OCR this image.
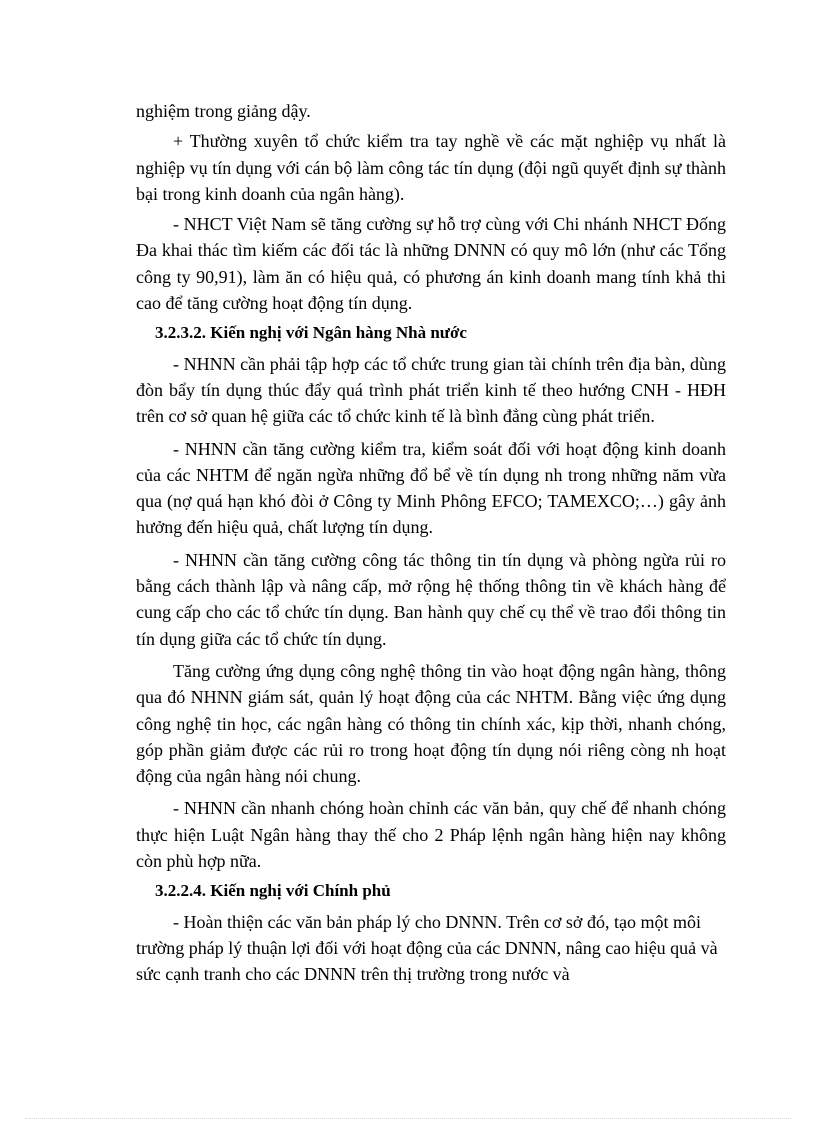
nghiệm trong giảng dậy.

+ Thường xuyên tổ chức kiểm tra tay nghề về các mặt nghiệp vụ nhất là nghiệp vụ tín dụng với cán bộ làm công tác tín dụng (đội ngũ quyết định sự thành bại trong kinh doanh của ngân hàng).

- NHCT Việt Nam sẽ tăng cường sự hỗ trợ cùng với Chi nhánh NHCT Đống Đa khai thác tìm kiếm các đối tác là những DNNN có quy mô lớn (như các Tổng công ty 90,91), làm ăn có hiệu quả, có phương án kinh doanh mang tính khả thi cao để tăng cường hoạt động tín dụng.

3.2.3.2. Kiến nghị với Ngân hàng Nhà nước

- NHNN cần phải tập hợp các tổ chức trung gian tài chính trên địa bàn, dùng đòn bẩy tín dụng thúc đẩy quá trình phát triển kinh tế theo hướng CNH - HĐH trên cơ sở quan hệ giữa các tổ chức kinh tế là bình đẳng cùng phát triển.

- NHNN cần tăng cường kiểm tra, kiểm soát đối với hoạt động kinh doanh của các NHTM để ngăn ngừa những đổ bể về tín dụng nh trong những năm vừa qua (nợ quá hạn khó đòi ở Công ty Minh Phông EFCO; TAMEXCO;…) gây ảnh hưởng đến hiệu quả, chất lượng tín dụng.

- NHNN cần tăng cường công tác thông tin tín dụng và phòng ngừa rủi ro bằng cách thành lập và nâng cấp, mở rộng hệ thống thông tin về khách hàng để cung cấp cho các tổ chức tín dụng. Ban hành quy chế cụ thể về trao đổi thông tin tín dụng giữa các tổ chức tín dụng.

Tăng cường ứng dụng công nghệ thông tin vào hoạt động ngân hàng, thông qua đó NHNN giám sát, quản lý hoạt động của các NHTM. Bằng việc ứng dụng công nghệ tin học, các ngân hàng có thông tin chính xác, kịp thời, nhanh chóng, góp phần giảm được các rủi ro trong hoạt động tín dụng nói riêng còng nh hoạt động của ngân hàng nói chung.

- NHNN cần nhanh chóng hoàn chỉnh các văn bản, quy chế để nhanh chóng thực hiện Luật Ngân hàng thay thế cho 2 Pháp lệnh ngân hàng hiện nay không còn phù hợp nữa.

3.2.2.4. Kiến nghị với Chính phủ

- Hoàn thiện các văn bản pháp lý cho DNNN. Trên cơ sở đó, tạo một môi trường pháp lý thuận lợi đối với hoạt động của các DNNN, nâng cao hiệu quả và sức cạnh tranh cho các DNNN trên thị trường trong nước và
